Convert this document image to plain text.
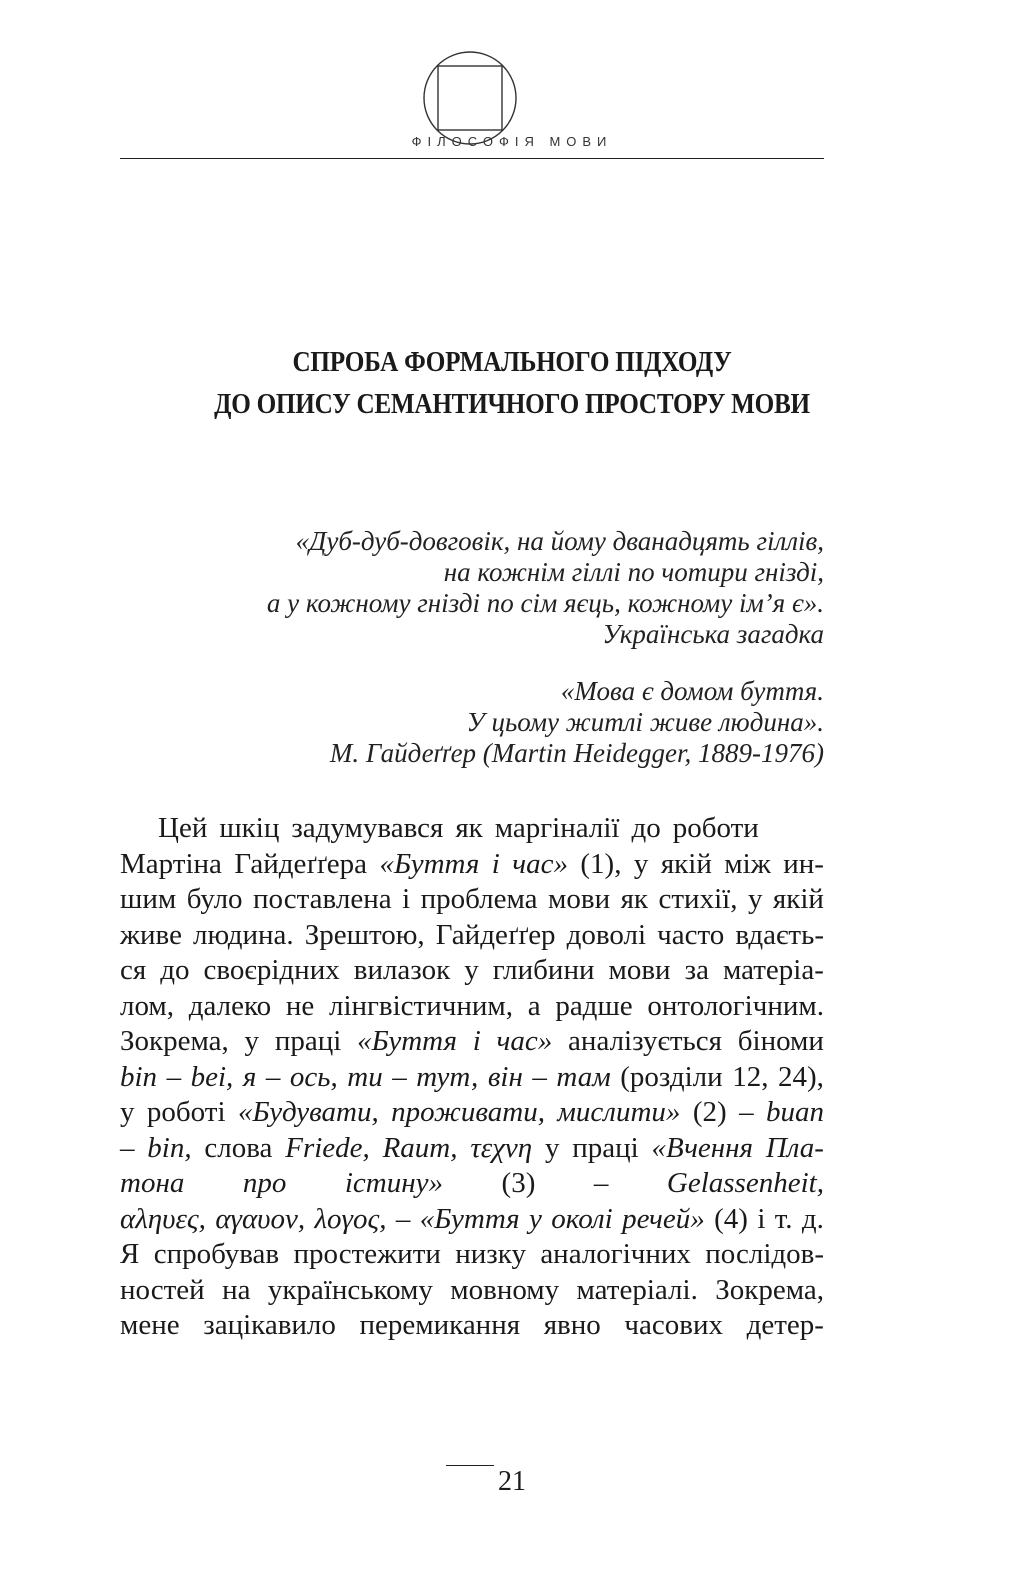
ФІЛОСОФІЯ МОВИ
СПРОБА ФОРМАЛЬНОГО ПІДХОДУ
ДО ОПИСУ СЕМАНТИЧНОГО ПРОСТОРУ МОВИ
«Дуб-дуб-довговік, на йому дванадцять гіллів,
на кожнім гіллі по чотири гнізді,
а у кожному гнізді по сім яєць, кожному ім’я є».
Українська загадка
«Мова є домом буття.
У цьому житлі живе людина».
М. Гайдеґґер (Martin Heidegger, 1889-1976)
Цей шкіц задумувався як маргіналії до роботи
Мартіна Гайдеґґера «Буття і час» (1), у якій між ин-
шим було поставлена і проблема мови як стихії, у якій
живе людина. Зрештою, Гайдеґґер доволі часто вдаєть-
ся до своєрідних вилазок у глибини мови за матеріа-
лом, далеко не лінгвістичним, а радше онтологічним.
Зокрема, у праці «Буття і час» аналізується біноми
bin – bei, я – ось, ти – тут, він – там (розділи 12, 24),
у роботі «Будувати, проживати, мислити» (2) – buan
– bin, слова Friede, Raum, τεχνη у праці «Вчення Пла-
тона про істину» (3) – Gelassenheit,
αληυες, αγαυον, λογος, – «Буття у околі речей» (4) і т. д.
Я спробував простежити низку аналогічних послідов-
ностей на українському мовному матеріалі. Зокрема,
мене зацікавило перемикання явно часових детер-
21
